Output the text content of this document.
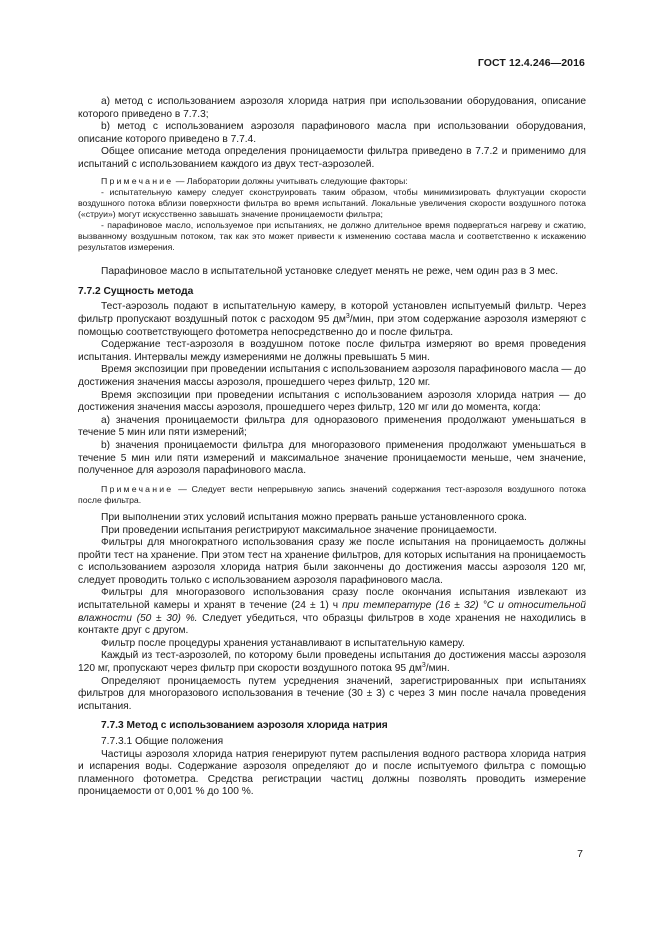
ГОСТ 12.4.246—2016

а) метод с использованием аэрозоля хлорида натрия при использовании оборудования, описание которого приведено в 7.7.3;

b) метод с использованием аэрозоля парафинового масла при использовании оборудования, описание которого приведено в 7.7.4.

Общее описание метода определения проницаемости фильтра приведено в 7.7.2 и применимо для испытаний с использованием каждого из двух тест-аэрозолей.

Примечание — Лаборатории должны учитывать следующие факторы:

- испытательную камеру следует сконструировать таким образом, чтобы минимизировать флуктуации скорости воздушного потока вблизи поверхности фильтра во время испытаний. Локальные увеличения скорости воздушного потока («струи») могут искусственно завышать значение проницаемости фильтра;

- парафиновое масло, используемое при испытаниях, не должно длительное время подвергаться нагреву и сжатию, вызванному воздушным потоком, так как это может привести к изменению состава масла и соответственно к искажению результатов измерения.

Парафиновое масло в испытательной установке следует менять не реже, чем один раз в 3 мес.

7.7.2 Сущность метода

Тест-аэрозоль подают в испытательную камеру, в которой установлен испытуемый фильтр. Через фильтр пропускают воздушный поток с расходом 95 $дм^3$/мин, при этом содержание аэрозоля измеряют с помощью соответствующего фотометра непосредственно до и после фильтра.

Содержание тест-аэрозоля в воздушном потоке после фильтра измеряют во время проведения испытания. Интервалы между измерениями не должны превышать 5 мин.

Время экспозиции при проведении испытания с использованием аэрозоля парафинового масла — до достижения значения массы аэрозоля, прошедшего через фильтр, 120 мг.

Время экспозиции при проведении испытания с использованием аэрозоля хлорида натрия — до достижения значения массы аэрозоля, прошедшего через фильтр, 120 мг или до момента, когда:

а) значения проницаемости фильтра для одноразового применения продолжают уменьшаться в течение 5 мин или пяти измерений;

b) значения проницаемости фильтра для многоразового применения продолжают уменьшаться в течение 5 мин или пяти измерений и максимальное значение проницаемости меньше, чем значение, полученное для аэрозоля парафинового масла.

Примечание — Следует вести непрерывную запись значений содержания тест-аэрозоля воздушного потока после фильтра.

При выполнении этих условий испытания можно прервать раньше установленного срока.

При проведении испытания регистрируют максимальное значение проницаемости.

Фильтры для многократного использования сразу же после испытания на проницаемость должны пройти тест на хранение. При этом тест на хранение фильтров, для которых испытания на проницаемость с использованием аэрозоля хлорида натрия были закончены до достижения массы аэрозоля 120 мг, следует проводить только с использованием аэрозоля парафинового масла.

Фильтры для многоразового использования сразу после окончания испытания извлекают из испытательной камеры и хранят в течение (24 ± 1) ч при температуре (16 ± 32) °С и относительной влажности (50 ± 30) %. Следует убедиться, что образцы фильтров в ходе хранения не находились в контакте друг с другом.

Фильтр после процедуры хранения устанавливают в испытательную камеру.

Каждый из тест-аэрозолей, по которому были проведены испытания до достижения массы аэрозоля 120 мг, пропускают через фильтр при скорости воздушного потока 95 $дм^3$/мин.

Определяют проницаемость путем усреднения значений, зарегистрированных при испытаниях фильтров для многоразового использования в течение (30 ± 3) с через 3 мин после начала проведения испытания.

7.7.3 Метод с использованием аэрозоля хлорида натрия

7.7.3.1 Общие положения

Частицы аэрозоля хлорида натрия генерируют путем распыления водного раствора хлорида натрия и испарения воды. Содержание аэрозоля определяют до и после испытуемого фильтра с помощью пламенного фотометра. Средства регистрации частиц должны позволять проводить измерение проницаемости от 0,001 % до 100 %.

7
